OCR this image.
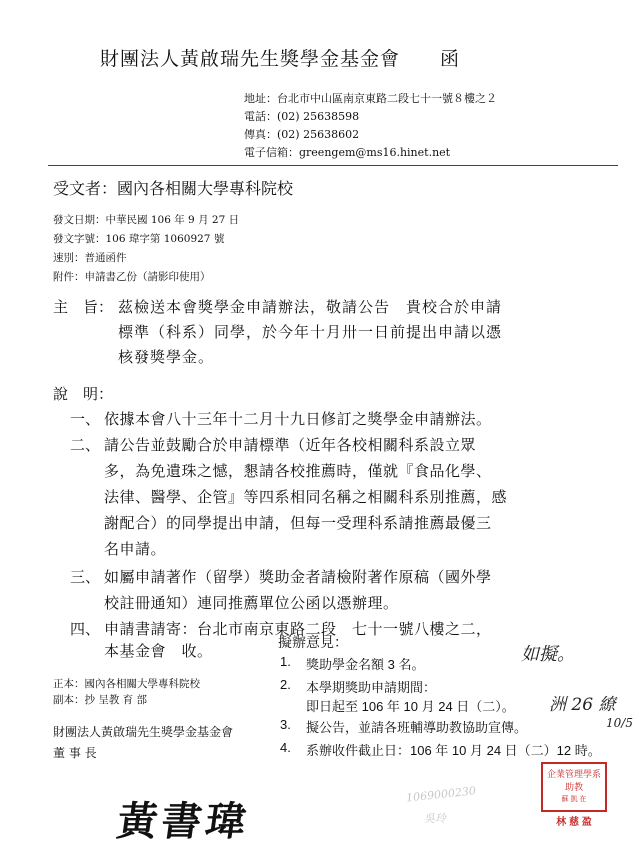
財團法人黃啟瑞先生獎學金基金會　　函
地址：台北市中山區南京東路二段七十一號８樓之２
電話：(02) 25638598
傳真：(02) 25638602
電子信箱：greengem@ms16.hinet.net
受文者：國內各相關大學專科院校
發文日期：中華民國 106 年 9 月 27 日
發文字號：106 瑋字第 1060927 號
速別：普通函件
附件：申請書乙份（請影印使用）
主　旨： 茲檢送本會獎學金申請辦法，敬請公告　貴校合於申請
標準（科系）同學，於今年十月卅一日前提出申請以憑
核發獎學金。
說　明：
一、 依據本會八十三年十二月十九日修訂之獎學金申請辦法。
二、 請公告並鼓勵合於申請標準（近年各校相關科系設立眾
多，為免遺珠之憾，懇請各校推薦時，僅就『食品化學、
法律、醫學、企管』等四系相同名稱之相關科系別推薦，感
謝配合）的同學提出申請，但每一受理科系請推薦最優三
名申請。
三、 如屬申請著作（留學）獎助金者請檢附著作原稿（國外學
校註冊通知）連同推薦單位公函以憑辦理。
四、 申請書請寄：台北市南京東路二段　七十一號八樓之二，
本基金會　收。
正本：國內各相關大學專科院校
副本：抄 呈教 育 部
財團法人黃啟瑞先生獎學金基金會
董 事 長
黃書瑋
擬辦意見：
1. 獎助學金名額 3 名。
2. 本學期獎助申請期間：
即日起至 106 年 10 月 24 日（二）。
3. 擬公告，並請各班輔導助教協助宣傳。
4. 系辦收件截止日：106 年 10 月 24 日（二）12 時。
如擬。
洲 26 繚
10/5
1069000230
吳玲
企業管理學系助教
蘇 凱 在
林 慈 盈
